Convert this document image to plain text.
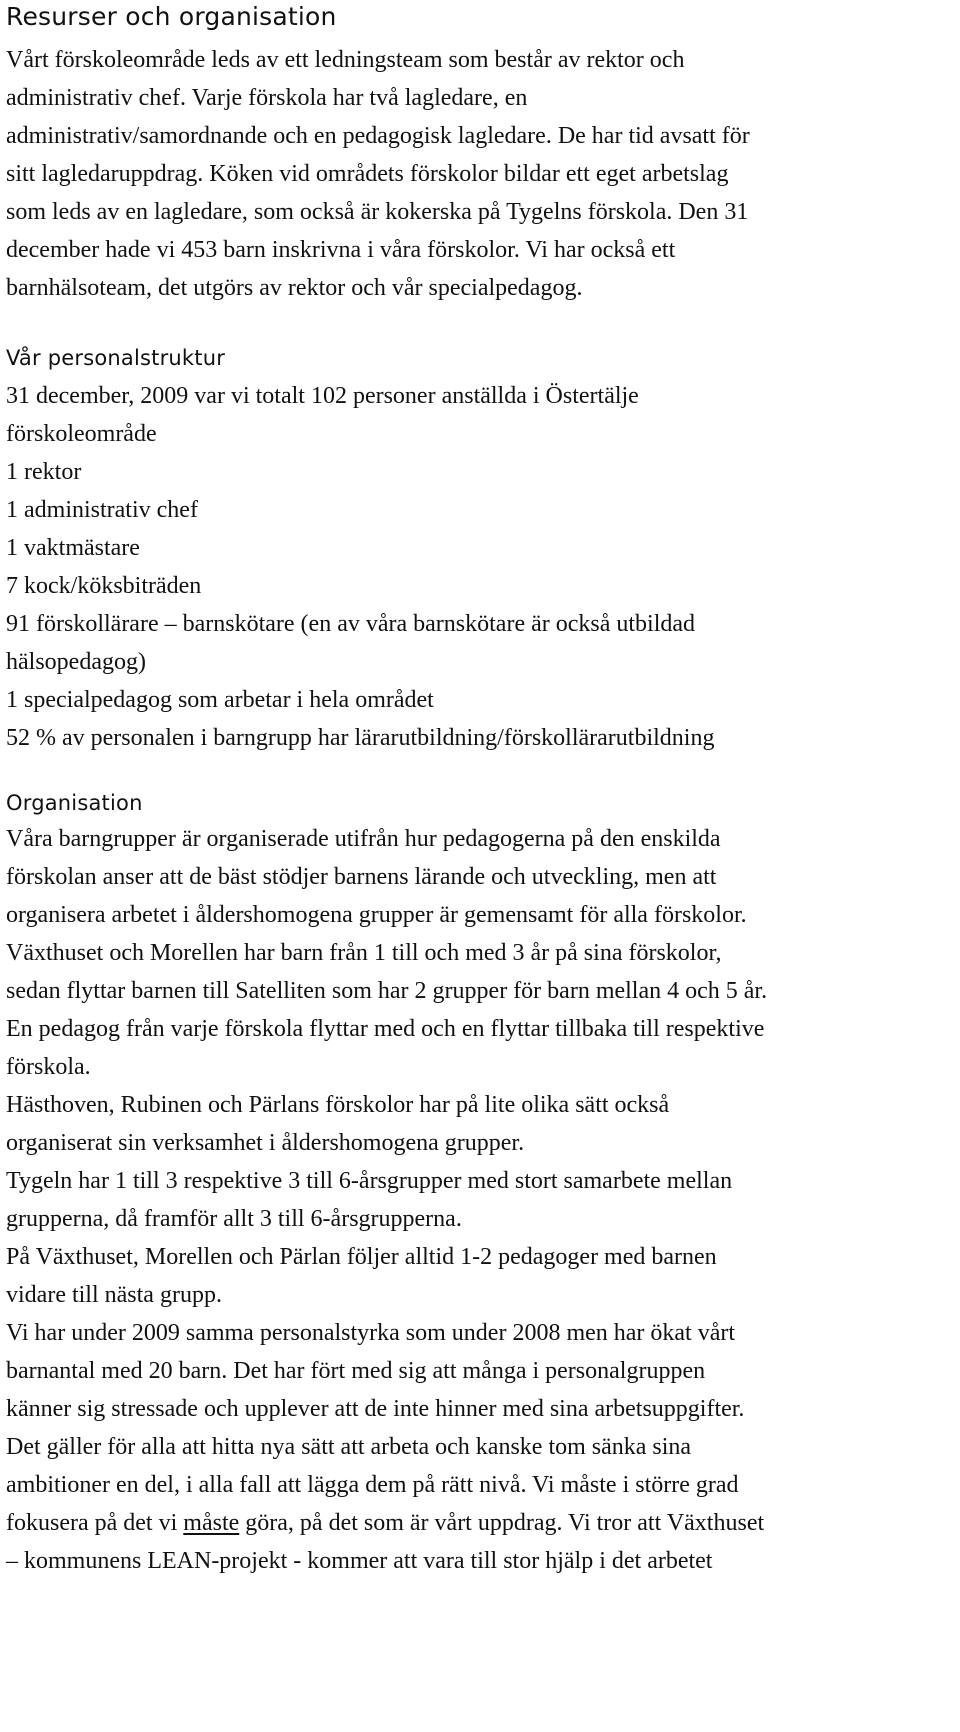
Resurser och organisation
Vårt förskoleområde leds av ett ledningsteam som består av rektor och
administrativ chef. Varje förskola har två lagledare, en
administrativ/samordnande och en pedagogisk lagledare. De har tid avsatt för
sitt lagledaruppdrag. Köken vid områdets förskolor bildar ett eget arbetslag
som leds av en lagledare, som också är kokerska på Tygelns förskola. Den 31
december hade vi 453 barn inskrivna i våra förskolor. Vi har också ett
barnhälsoteam, det utgörs av rektor och vår specialpedagog.
Vår personalstruktur
31 december, 2009 var vi totalt 102 personer anställda i Östertälje
förskoleområde
1 rektor
1 administrativ chef
1 vaktmästare
7 kock/köksbiträden
91 förskollärare – barnskötare (en av våra barnskötare är också utbildad
hälsopedagog)
1 specialpedagog som arbetar i hela området
52 % av personalen i barngrupp har lärarutbildning/förskollärarutbildning
Organisation
Våra barngrupper är organiserade utifrån hur pedagogerna på den enskilda
förskolan anser att de bäst stödjer barnens lärande och utveckling, men att
organisera arbetet i åldershomogena grupper är gemensamt för alla förskolor.
Växthuset och Morellen har barn från 1 till och med 3 år på sina förskolor,
sedan flyttar barnen till Satelliten som har 2 grupper för barn mellan 4 och 5 år.
En pedagog från varje förskola flyttar med och en flyttar tillbaka till respektive
förskola.
Hästhoven, Rubinen och Pärlans förskolor har på lite olika sätt också
organiserat sin verksamhet i åldershomogena grupper.
Tygeln har 1 till 3 respektive 3 till 6-årsgrupper med stort samarbete mellan
grupperna, då framför allt 3 till 6-årsgrupperna.
På Växthuset, Morellen och Pärlan följer alltid 1-2 pedagoger med barnen
vidare till nästa grupp.
Vi har under 2009 samma personalstyrka som under 2008 men har ökat vårt
barnantal med 20 barn. Det har fört med sig att många i personalgruppen
känner sig stressade och upplever att de inte hinner med sina arbetsuppgifter.
Det gäller för alla att hitta nya sätt att arbeta och kanske tom sänka sina
ambitioner en del, i alla fall att lägga dem på rätt nivå. Vi måste i större grad
fokusera på det vi måste göra, på det som är vårt uppdrag. Vi tror att Växthuset
– kommunens LEAN-projekt - kommer att vara till stor hjälp i det arbetet
